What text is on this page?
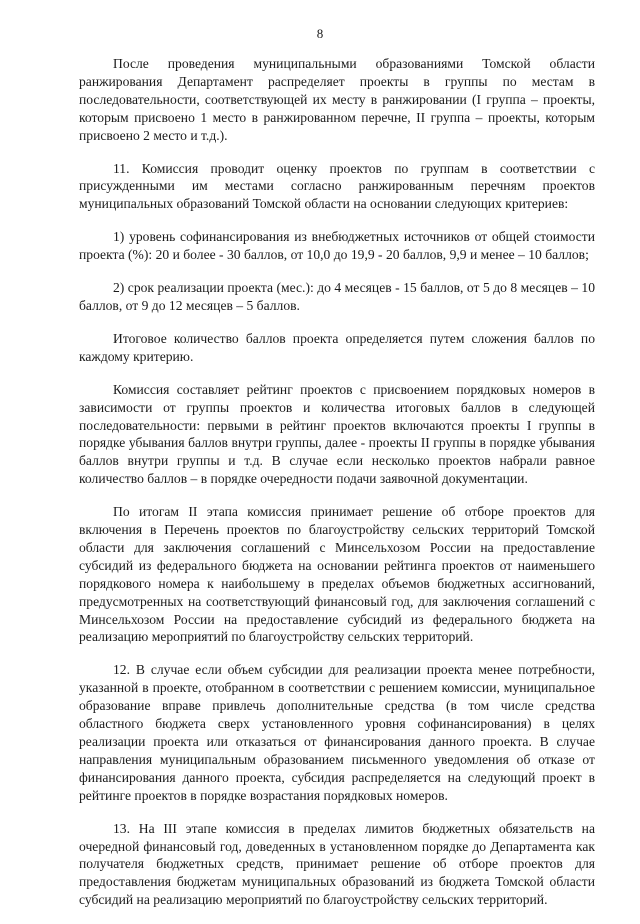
8

После проведения муниципальными образованиями Томской области ранжирования Департамент распределяет проекты в группы по местам в последовательности, соответствующей их месту в ранжировании (I группа – проекты, которым присвоено 1 место в ранжированном перечне, II группа – проекты, которым присвоено 2 место и т.д.).

11. Комиссия проводит оценку проектов по группам в соответствии с присужденными им местами согласно ранжированным перечням проектов муниципальных образований Томской области на основании следующих критериев:

1) уровень софинансирования из внебюджетных источников от общей стоимости проекта (%): 20 и более - 30 баллов, от 10,0 до 19,9 - 20 баллов, 9,9 и менее – 10 баллов;

2) срок реализации проекта (мес.): до 4 месяцев - 15 баллов, от 5 до 8 месяцев – 10 баллов, от 9 до 12 месяцев – 5 баллов.

Итоговое количество баллов проекта определяется путем сложения баллов по каждому критерию.

Комиссия составляет рейтинг проектов с присвоением порядковых номеров в зависимости от группы проектов и количества итоговых баллов в следующей последовательности: первыми в рейтинг проектов включаются проекты I группы в порядке убывания баллов внутри группы, далее - проекты II группы в порядке убывания баллов внутри группы и т.д. В случае если несколько проектов набрали равное количество баллов – в порядке очередности подачи заявочной документации.

По итогам II этапа комиссия принимает решение об отборе проектов для включения в Перечень проектов по благоустройству сельских территорий Томской области для заключения соглашений с Минсельхозом России на предоставление субсидий из федерального бюджета на основании рейтинга проектов от наименьшего порядкового номера к наибольшему в пределах объемов бюджетных ассигнований, предусмотренных на соответствующий финансовый год, для заключения соглашений с Минсельхозом России на предоставление субсидий из федерального бюджета на реализацию мероприятий по благоустройству сельских территорий.

12. В случае если объем субсидии для реализации проекта менее потребности, указанной в проекте, отобранном в соответствии с решением комиссии, муниципальное образование вправе привлечь дополнительные средства (в том числе средства областного бюджета сверх установленного уровня софинансирования) в целях реализации проекта или отказаться от финансирования данного проекта. В случае направления муниципальным образованием письменного уведомления об отказе от финансирования данного проекта, субсидия распределяется на следующий проект в рейтинге проектов в порядке возрастания порядковых номеров.

13. На III этапе комиссия в пределах лимитов бюджетных обязательств на очередной финансовый год, доведенных в установленном порядке до Департамента как получателя бюджетных средств, принимает решение об отборе проектов для предоставления бюджетам муниципальных образований из бюджета Томской области субсидий на реализацию мероприятий по благоустройству сельских территорий.
